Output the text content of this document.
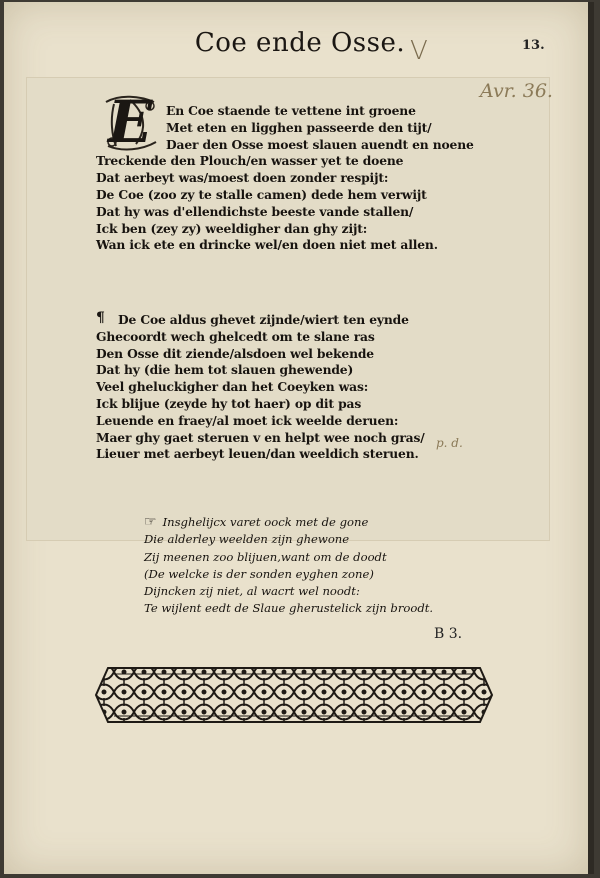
Coe ende Osse. V	13.
Avr. 36.
E	En Coe staende te vettene int groene
Met eten en ligghen passeerde den tijt/
Daer den Osse moest slauen auendt en noene
Treckende den Plouch/en wasser yet te doene
Dat aerbeyt was/moest doen zonder respijt:
De Coe (zoo zy te stalle camen) dede hem verwijt
Dat hy was d'ellendichste beeste vande stallen/
Ick ben (zey zy) weeldigher dan ghy zijt:
Wan ick ete en drincke wel/en doen niet met allen.
¶	De Coe aldus ghevet zijnde/wiert ten eynde
Ghecoordt wech ghelcedt om te slane ras
Den Osse dit ziende/alsdoen wel bekende
Dat hy (die hem tot slauen ghewende)
Veel gheluckigher dan het Coeyken was:
Ick blijue (zeyde hy tot haer) op dit pas
Leuende en fraey/al moet ick weelde deruen:
Maer ghy gaet steruen v en helpt wee noch gras/
Lieuer met aerbeyt leuen/dan weeldich steruen.
p. d.
☞ Insghelijcx varet oock met de gone
Die alderley weelden zijn ghewone
Zij meenen zoo blijuen,want om de doodt
(De welcke is der sonden eyghen zone)
Dijncken zij niet, al wacrt wel noodt:
Te wijlent eedt de Slaue gherustelick zijn broodt.
B 3.
